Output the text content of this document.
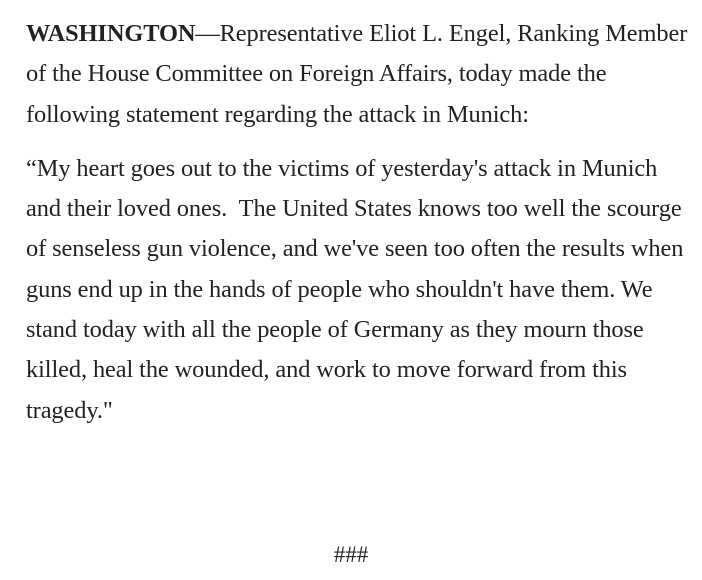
WASHINGTON—Representative Eliot L. Engel, Ranking Member of the House Committee on Foreign Affairs, today made the following statement regarding the attack in Munich:

“My heart goes out to the victims of yesterday's attack in Munich and their loved ones.  The United States knows too well the scourge of senseless gun violence, and we've seen too often the results when guns end up in the hands of people who shouldn't have them. We stand today with all the people of Germany as they mourn those killed, heal the wounded, and work to move forward from this tragedy."

###
